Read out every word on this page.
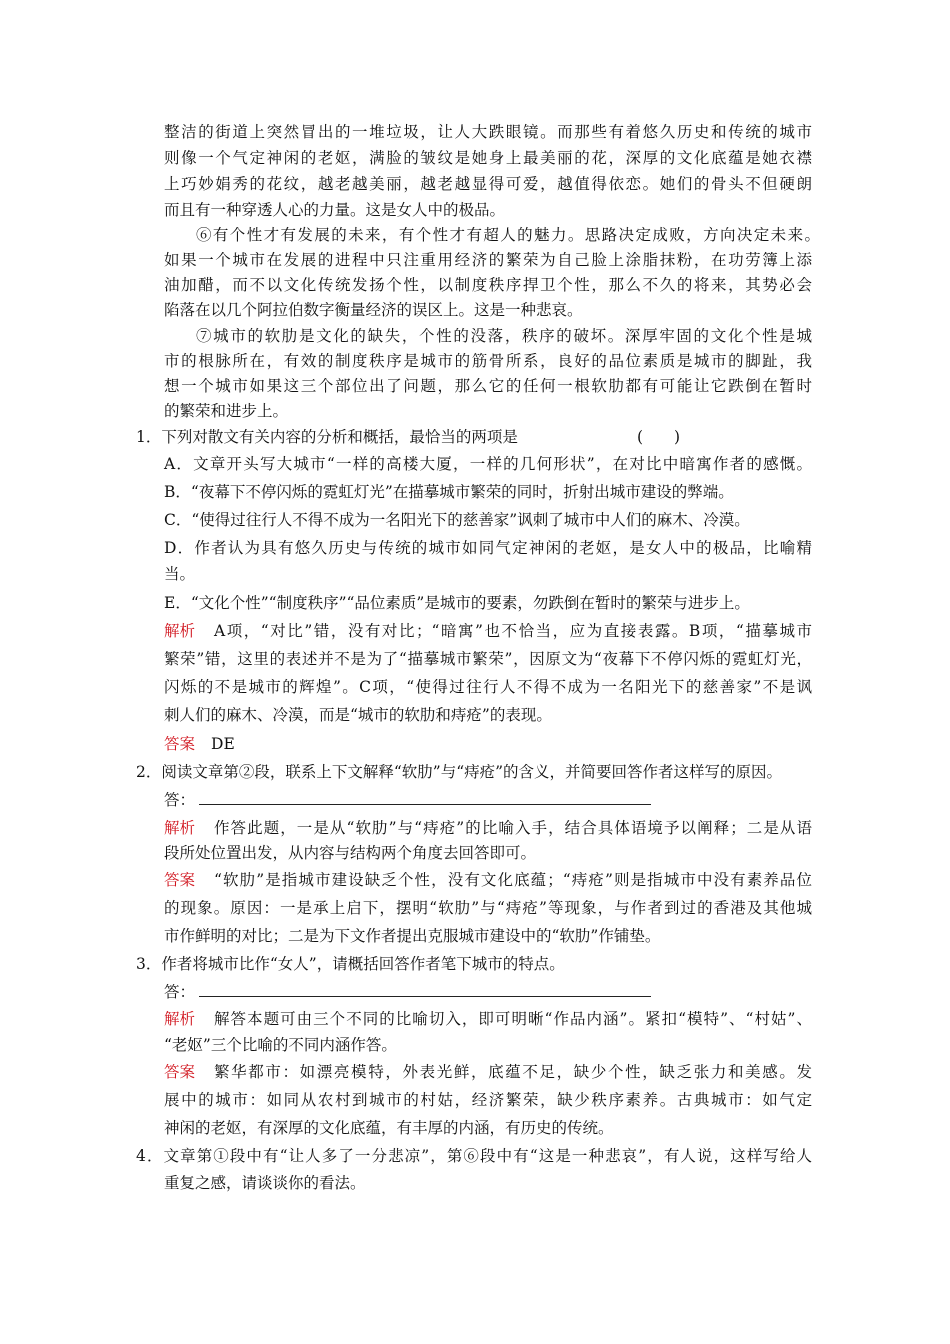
整洁的街道上突然冒出的一堆垃圾，让人大跌眼镜。而那些有着悠久历史和传统的城市
则像一个气定神闲的老妪，满脸的皱纹是她身上最美丽的花，深厚的文化底蕴是她衣襟
上巧妙娟秀的花纹，越老越美丽，越老越显得可爱，越值得依恋。她们的骨头不但硬朗
而且有一种穿透人心的力量。这是女人中的极品。
⑥有个性才有发展的未来，有个性才有超人的魅力。思路决定成败，方向决定未来。
如果一个城市在发展的进程中只注重用经济的繁荣为自己脸上涂脂抹粉，在功劳簿上添
油加醋，而不以文化传统发扬个性，以制度秩序捍卫个性，那么不久的将来，其势必会
陷落在以几个阿拉伯数字衡量经济的误区上。这是一种悲哀。
⑦城市的软肋是文化的缺失，个性的没落，秩序的破坏。深厚牢固的文化个性是城
市的根脉所在，有效的制度秩序是城市的筋骨所系，良好的品位素质是城市的脚趾，我
想一个城市如果这三个部位出了问题，那么它的任何一根软肋都有可能让它跌倒在暂时
的繁荣和进步上。
1．下列对散文有关内容的分析和概括，最恰当的两项是	(　　)
A．文章开头写大城市“一样的高楼大厦，一样的几何形状”，在对比中暗寓作者的感慨。
B．“夜幕下不停闪烁的霓虹灯光”在描摹城市繁荣的同时，折射出城市建设的弊端。
C．“使得过往行人不得不成为一名阳光下的慈善家”讽刺了城市中人们的麻木、冷漠。
D．作者认为具有悠久历史与传统的城市如同气定神闲的老妪，是女人中的极品，比喻精
当。
E．“文化个性”“制度秩序”“品位素质”是城市的要素，勿跌倒在暂时的繁荣与进步上。
解析	A项，“对比”错，没有对比；“暗寓”也不恰当，应为直接表露。B项，“描摹城市
繁荣”错，这里的表述并不是为了“描摹城市繁荣”，因原文为“夜幕下不停闪烁的霓虹灯光，
闪烁的不是城市的辉煌”。C项，“使得过往行人不得不成为一名阳光下的慈善家”不是讽
刺人们的麻木、冷漠，而是“城市的软肋和痔疮”的表现。
答案 DE
2．阅读文章第②段，联系上下文解释“软肋”与“痔疮”的含义，并简要回答作者这样写的原因。
答：
解析 作答此题，一是从“软肋”与“痔疮”的比喻入手，结合具体语境予以阐释；二是从语
段所处位置出发，从内容与结构两个角度去回答即可。
答案 “软肋”是指城市建设缺乏个性，没有文化底蕴；“痔疮”则是指城市中没有素养品位
的现象。原因：一是承上启下，摆明“软肋”与“痔疮”等现象，与作者到过的香港及其他城
市作鲜明的对比；二是为下文作者提出克服城市建设中的“软肋”作铺垫。
3．作者将城市比作“女人”，请概括回答作者笔下城市的特点。
答：
解析 解答本题可由三个不同的比喻切入，即可明晰“作品内涵”。紧扣“模特”、“村姑”、
“老妪”三个比喻的不同内涵作答。
答案 繁华都市：如漂亮模特，外表光鲜，底蕴不足，缺少个性，缺乏张力和美感。发
展中的城市：如同从农村到城市的村姑，经济繁荣，缺少秩序素养。古典城市：如气定
神闲的老妪，有深厚的文化底蕴，有丰厚的内涵，有历史的传统。
4．文章第①段中有“让人多了一分悲凉”，第⑥段中有“这是一种悲哀”，有人说，这样写给人
重复之感，请谈谈你的看法。
